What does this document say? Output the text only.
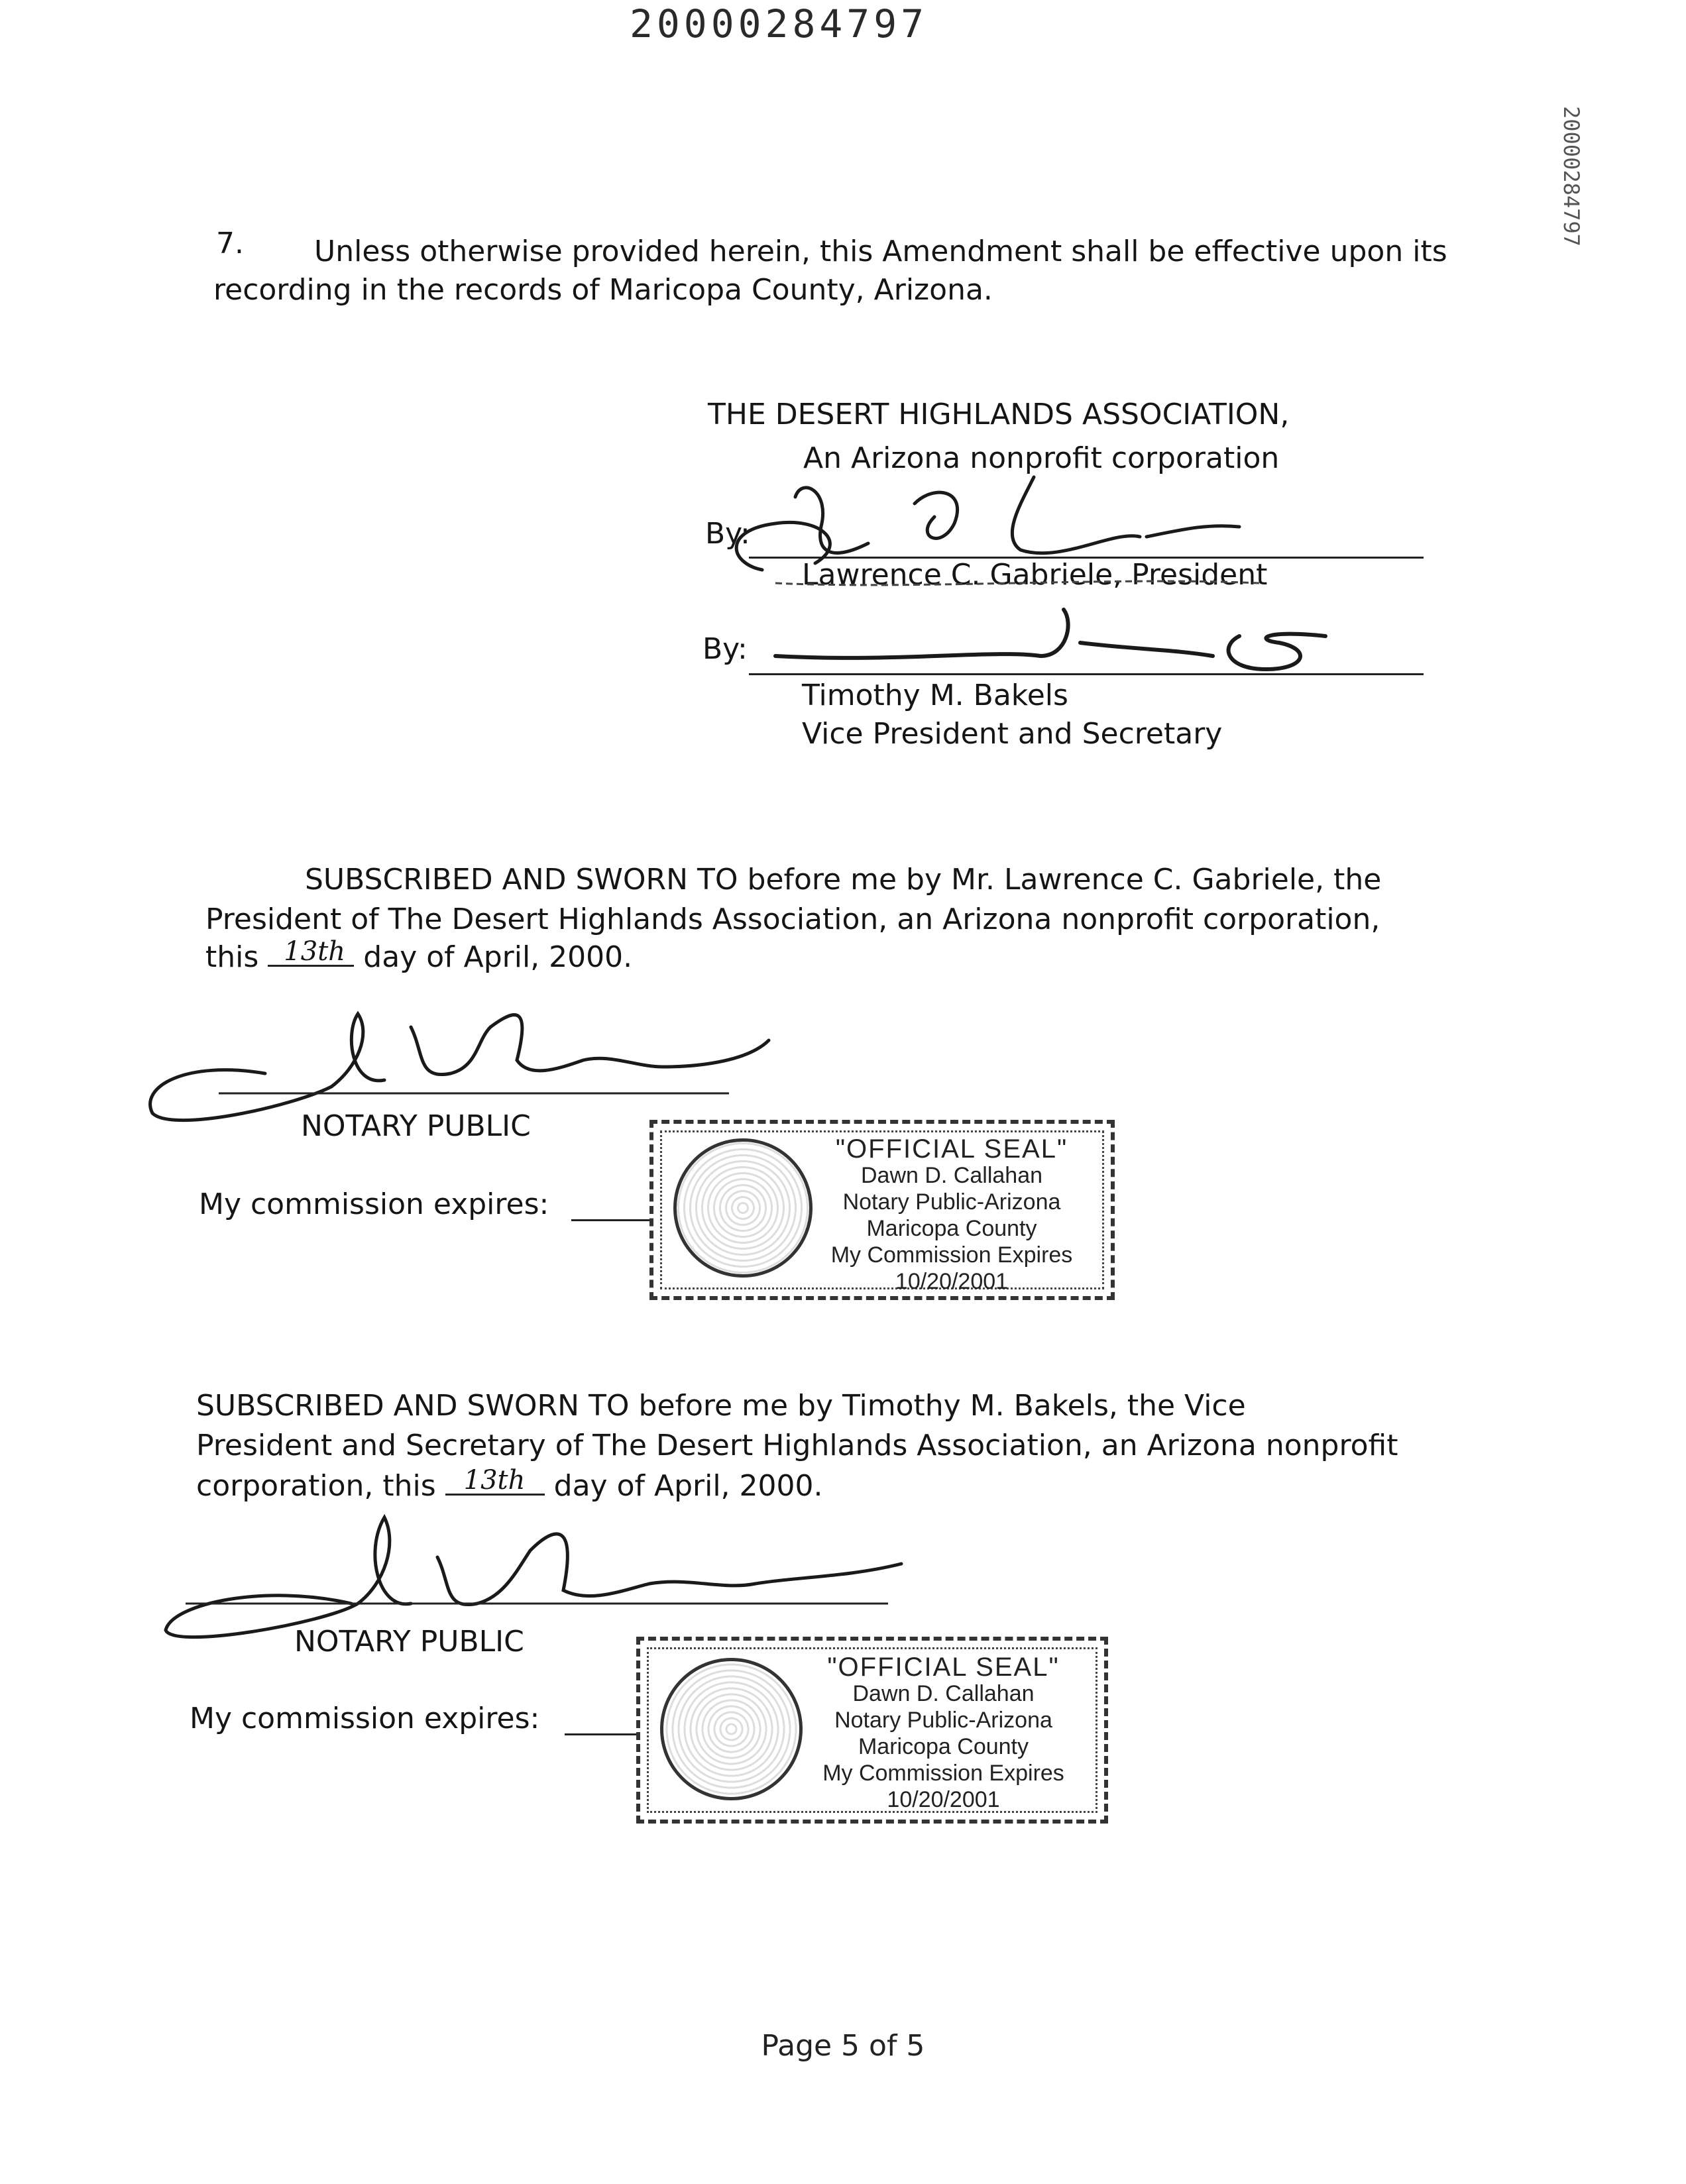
20000284797
20000284797
7. Unless otherwise provided herein, this Amendment shall be effective upon its
recording in the records of Maricopa County, Arizona.
THE DESERT HIGHLANDS ASSOCIATION,
An Arizona nonprofit corporation
By:
Lawrence C. Gabriele, President
By:
Timothy M. Bakels
Vice President and Secretary
SUBSCRIBED AND SWORN TO before me by Mr. Lawrence C. Gabriele, the
President of The Desert Highlands Association, an Arizona nonprofit corporation,
this 13th day of April, 2000.
NOTARY PUBLIC
My commission expires:
"OFFICIAL SEAL"
Dawn D. Callahan
Notary Public-Arizona
Maricopa County
My Commission Expires 10/20/2001
SUBSCRIBED AND SWORN TO before me by Timothy M. Bakels, the Vice
President and Secretary of The Desert Highlands Association, an Arizona nonprofit
corporation, this 13th day of April, 2000.
NOTARY PUBLIC
My commission expires:
"OFFICIAL SEAL"
Dawn D. Callahan
Notary Public-Arizona
Maricopa County
My Commission Expires 10/20/2001
Page 5 of 5
